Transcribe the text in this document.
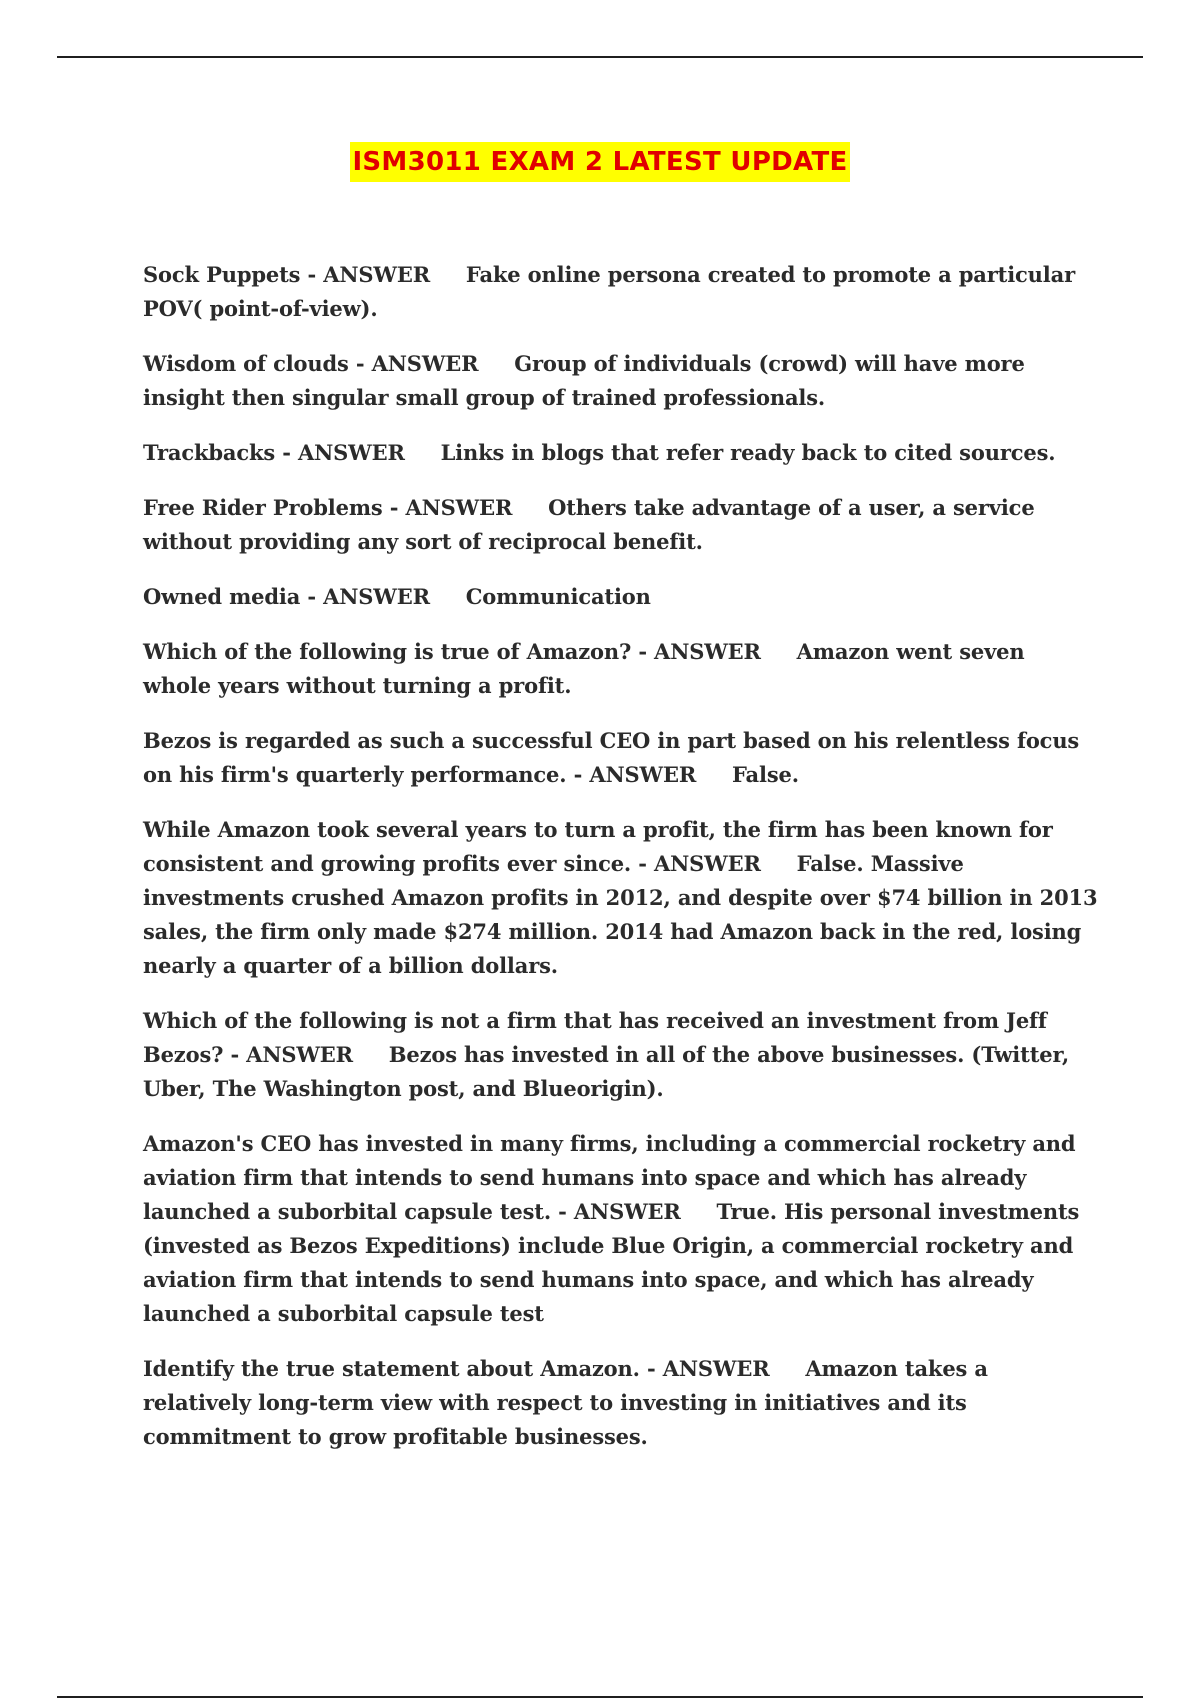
ISM3011 EXAM 2 LATEST UPDATE

Sock Puppets - ANSWER     Fake online persona created to promote a particular POV( point-of-view).

Wisdom of clouds - ANSWER     Group of individuals (crowd) will have more insight then singular small group of trained professionals.

Trackbacks - ANSWER     Links in blogs that refer ready back to cited sources.

Free Rider Problems - ANSWER     Others take advantage of a user, a service without providing any sort of reciprocal benefit.

Owned media - ANSWER     Communication

Which of the following is true of Amazon? - ANSWER     Amazon went seven whole years without turning a profit.

Bezos is regarded as such a successful CEO in part based on his relentless focus on his firm's quarterly performance. - ANSWER     False.

While Amazon took several years to turn a profit, the firm has been known for consistent and growing profits ever since. - ANSWER     False. Massive investments crushed Amazon profits in 2012, and despite over $74 billion in 2013 sales, the firm only made $274 million. 2014 had Amazon back in the red, losing nearly a quarter of a billion dollars.

Which of the following is not a firm that has received an investment from Jeff Bezos? - ANSWER     Bezos has invested in all of the above businesses. (Twitter, Uber, The Washington post, and Blueorigin).

Amazon's CEO has invested in many firms, including a commercial rocketry and aviation firm that intends to send humans into space and which has already launched a suborbital capsule test. - ANSWER     True. His personal investments (invested as Bezos Expeditions) include Blue Origin, a commercial rocketry and aviation firm that intends to send humans into space, and which has already launched a suborbital capsule test

Identify the true statement about Amazon. - ANSWER     Amazon takes a relatively long-term view with respect to investing in initiatives and its commitment to grow profitable businesses.
